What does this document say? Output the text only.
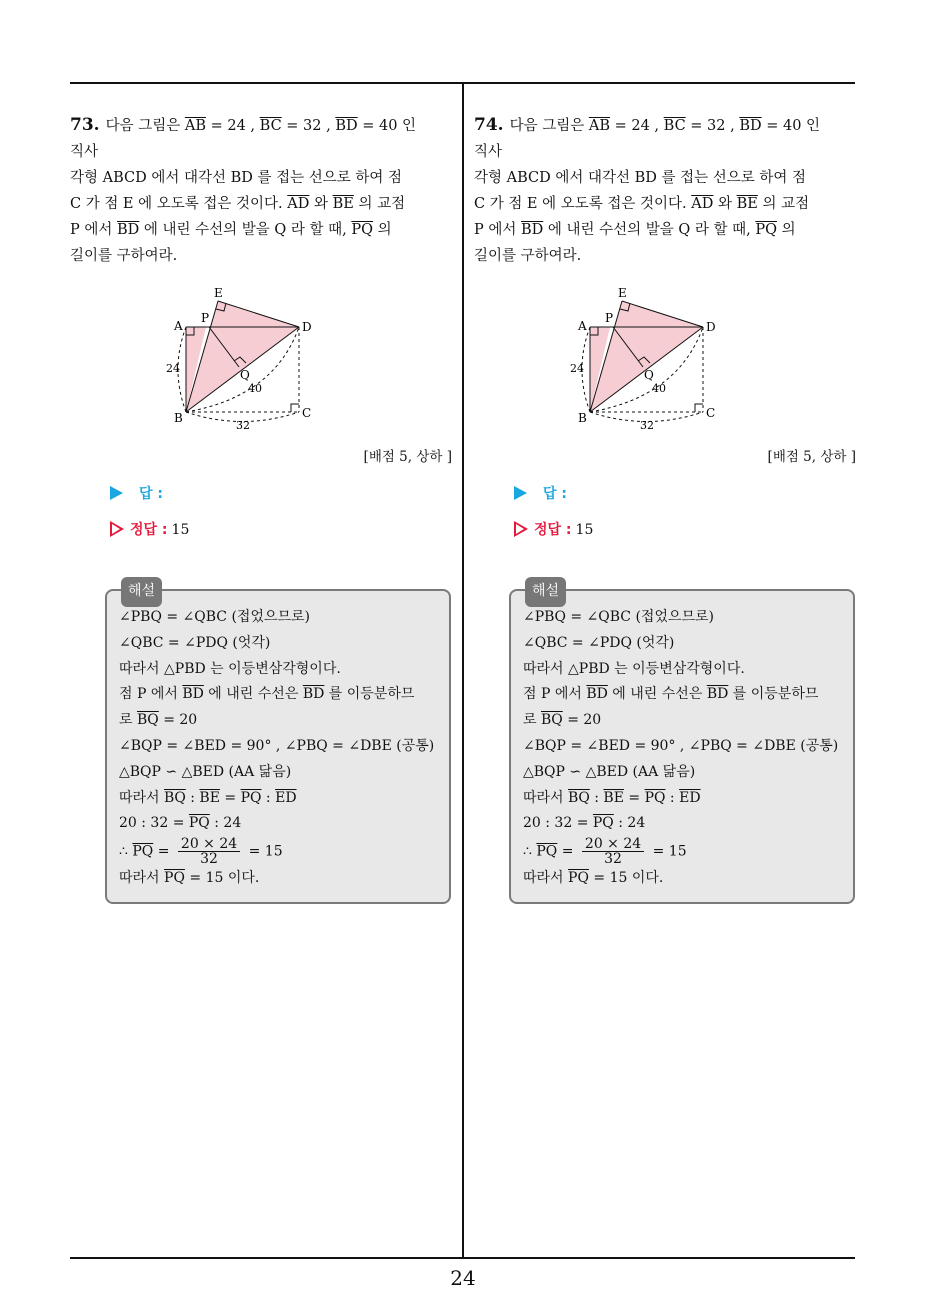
24
73. 다음 그림은 $\overline{AB} = 24$ , $\overline{BC} = 32$ , $\overline{BD} = 40$ 인 직사
각형 ABCD 에서 대각선 BD 를 접는 선으로 하여 점
C 가 점 E 에 오도록 접은 것이다. $\overline{AD}$ 와 $\overline{BE}$ 의 교점
P 에서 $\overline{BD}$ 에 내린 수선의 발을 Q 라 할 때, $\overline{PQ}$ 의
길이를 구하여라.
A
P
E
D
Q
B	C
24
40
32
[배점 5, 상하 ]
답 :
정답 : 15
해설
∠PBQ = ∠QBC (접었으므로)
∠QBC = ∠PDQ (엇각)
따라서 △PBD 는 이등변삼각형이다.
점 P 에서 $\overline{BD}$ 에 내린 수선은 $\overline{BD}$ 를 이등분하므
로 $\overline{BQ} = 20$
∠BQP = ∠BED = 90° , ∠PBQ = ∠DBE (공통)
△BQP ∽ △BED (AA 닮음)
따라서 $\overline{BQ}$ : $\overline{BE} = \overline{PQ}$ : $\overline{ED}$
20 : $32 = \overline{PQ}$ : 24
∴ $\overline{PQ} = \frac{20 \times 24}{32} = 15$
따라서 $\overline{PQ} = 15$ 이다.
74. 다음 그림은 $\overline{AB} = 24$ , $\overline{BC} = 32$ , $\overline{BD} = 40$ 인 직사
각형 ABCD 에서 대각선 BD 를 접는 선으로 하여 점
C 가 점 E 에 오도록 접은 것이다. $\overline{AD}$ 와 $\overline{BE}$ 의 교점
P 에서 $\overline{BD}$ 에 내린 수선의 발을 Q 라 할 때, $\overline{PQ}$ 의
길이를 구하여라.
A
P
E
D
Q
B	C
24
40
32
[배점 5, 상하 ]
답 :
정답 : 15
해설
∠PBQ = ∠QBC (접었으므로)
∠QBC = ∠PDQ (엇각)
따라서 △PBD 는 이등변삼각형이다.
점 P 에서 $\overline{BD}$ 에 내린 수선은 $\overline{BD}$ 를 이등분하므
로 $\overline{BQ} = 20$
∠BQP = ∠BED = 90° , ∠PBQ = ∠DBE (공통)
△BQP ∽ △BED (AA 닮음)
따라서 $\overline{BQ}$ : $\overline{BE} = \overline{PQ}$ : $\overline{ED}$
20 : $32 = \overline{PQ}$ : 24
∴ $\overline{PQ} = \frac{20 \times 24}{32} = 15$
따라서 $\overline{PQ} = 15$ 이다.
